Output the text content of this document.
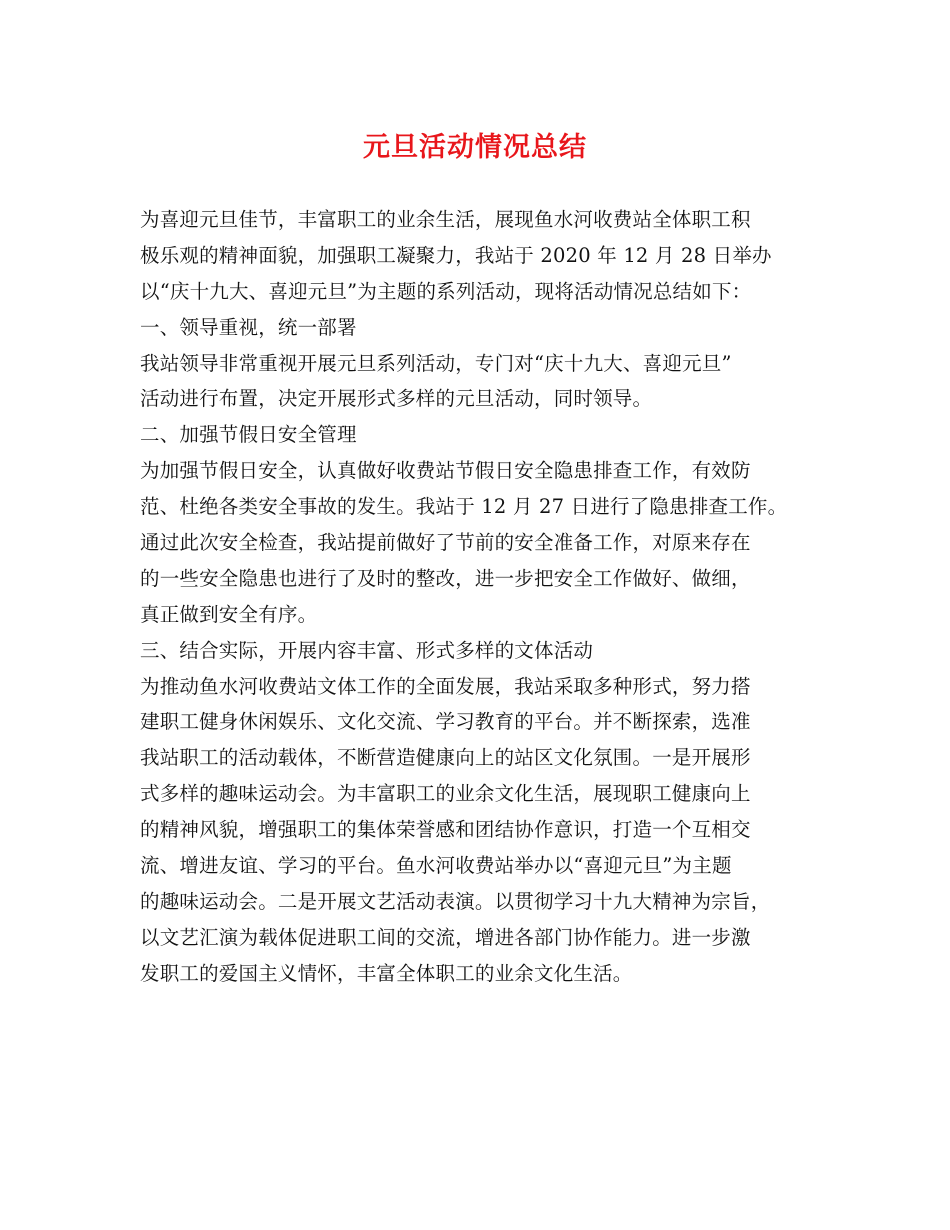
元旦活动情况总结
为喜迎元旦佳节，丰富职工的业余生活，展现鱼水河收费站全体职工积
极乐观的精神面貌，加强职工凝聚力，我站于 2020 年 12 月 28 日举办
以“庆十九大、喜迎元旦”为主题的系列活动，现将活动情况总结如下：
一、领导重视，统一部署
我站领导非常重视开展元旦系列活动，专门对“庆十九大、喜迎元旦”
活动进行布置，决定开展形式多样的元旦活动，同时领导。
二、加强节假日安全管理
为加强节假日安全，认真做好收费站节假日安全隐患排查工作，有效防
范、杜绝各类安全事故的发生。我站于 12 月 27 日进行了隐患排查工作。
通过此次安全检查，我站提前做好了节前的安全准备工作，对原来存在
的一些安全隐患也进行了及时的整改，进一步把安全工作做好、做细，
真正做到安全有序。
三、结合实际，开展内容丰富、形式多样的文体活动
为推动鱼水河收费站文体工作的全面发展，我站采取多种形式，努力搭
建职工健身休闲娱乐、文化交流、学习教育的平台。并不断探索，选准
我站职工的活动载体，不断营造健康向上的站区文化氛围。一是开展形
式多样的趣味运动会。为丰富职工的业余文化生活，展现职工健康向上
的精神风貌，增强职工的集体荣誉感和团结协作意识，打造一个互相交
流、增进友谊、学习的平台。鱼水河收费站举办以“喜迎元旦”为主题
的趣味运动会。二是开展文艺活动表演。以贯彻学习十九大精神为宗旨，
以文艺汇演为载体促进职工间的交流，增进各部门协作能力。进一步激
发职工的爱国主义情怀，丰富全体职工的业余文化生活。
